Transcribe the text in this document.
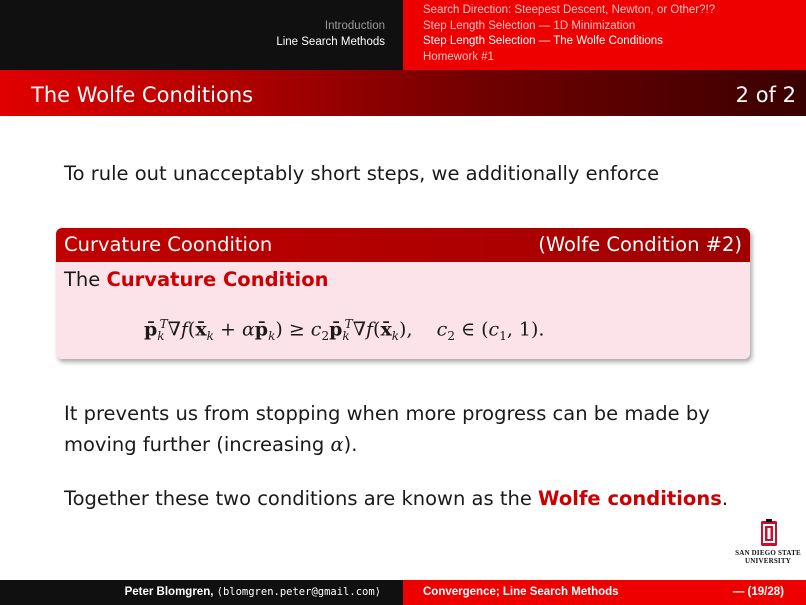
Introduction
Line Search Methods
Search Direction: Steepest Descent, Newton, or Other?!?
Step Length Selection — 1D Minimization
Step Length Selection — The Wolfe Conditions
Homework #1
The Wolfe Conditions	2 of 2
To rule out unacceptably short steps, we additionally enforce
Curvature Coondition	(Wolfe Condition #2)
The Curvature Condition
$p̄_k^T\nabla f(x̄_k$ + $\alpha p̄_k$) ≥ $c_2p̄_k^T\nabla f(x̄_k)$,    $c_2$ ∈ ($c_1$, 1).
It prevents us from stopping when more progress can be made by
moving further (increasing α).
Together these two conditions are known as the Wolfe conditions.
SAN DIEGO STATE
UNIVERSITY
Peter Blomgren, ⟨blomgren.peter@gmail.com⟩	Convergence; Line Search Methods	— (19/28)
